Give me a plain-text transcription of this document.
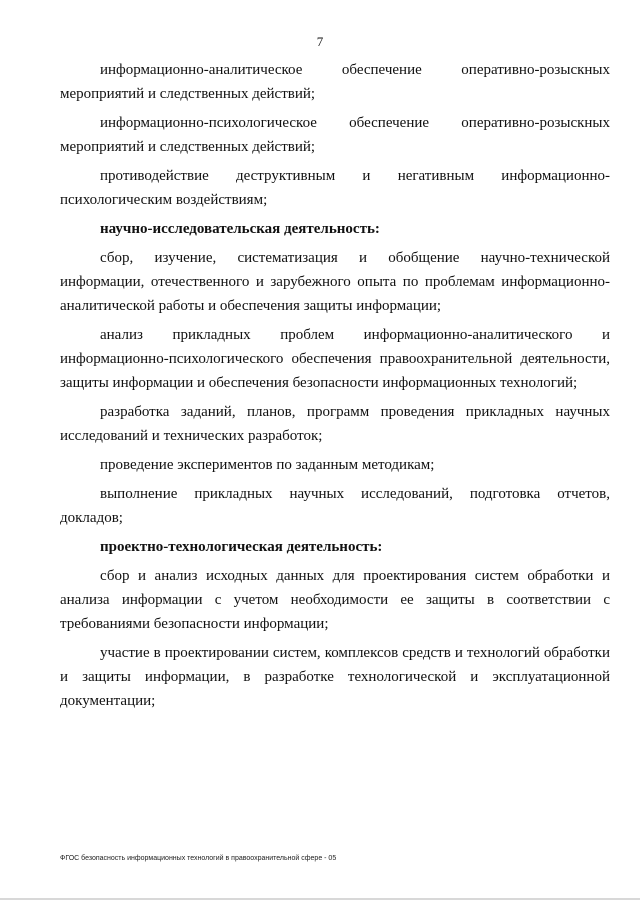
7

информационно-аналитическое обеспечение оперативно-розыскных мероприятий и следственных действий;

информационно-психологическое обеспечение оперативно-розыскных мероприятий и следственных действий;

противодействие деструктивным и негативным информационно-психологическим воздействиям;

научно-исследовательская деятельность:

сбор, изучение, систематизация и обобщение научно-технической информации, отечественного и зарубежного опыта по проблемам информационно-аналитической работы и обеспечения защиты информации;

анализ прикладных проблем информационно-аналитического и информационно-психологического обеспечения правоохранительной деятельности, защиты информации и обеспечения безопасности информационных технологий;

разработка заданий, планов, программ проведения прикладных научных исследований и технических разработок;

проведение экспериментов по заданным методикам;

выполнение прикладных научных исследований, подготовка отчетов, докладов;

проектно-технологическая деятельность:

сбор и анализ исходных данных для проектирования систем обработки и анализа информации с учетом необходимости ее защиты в соответствии с требованиями безопасности информации;

участие в проектировании систем, комплексов средств и технологий обработки и защиты информации, в разработке технологической и эксплуатационной документации;

ФГОС безопасность информационных технологий в правоохранительной сфере - 05
